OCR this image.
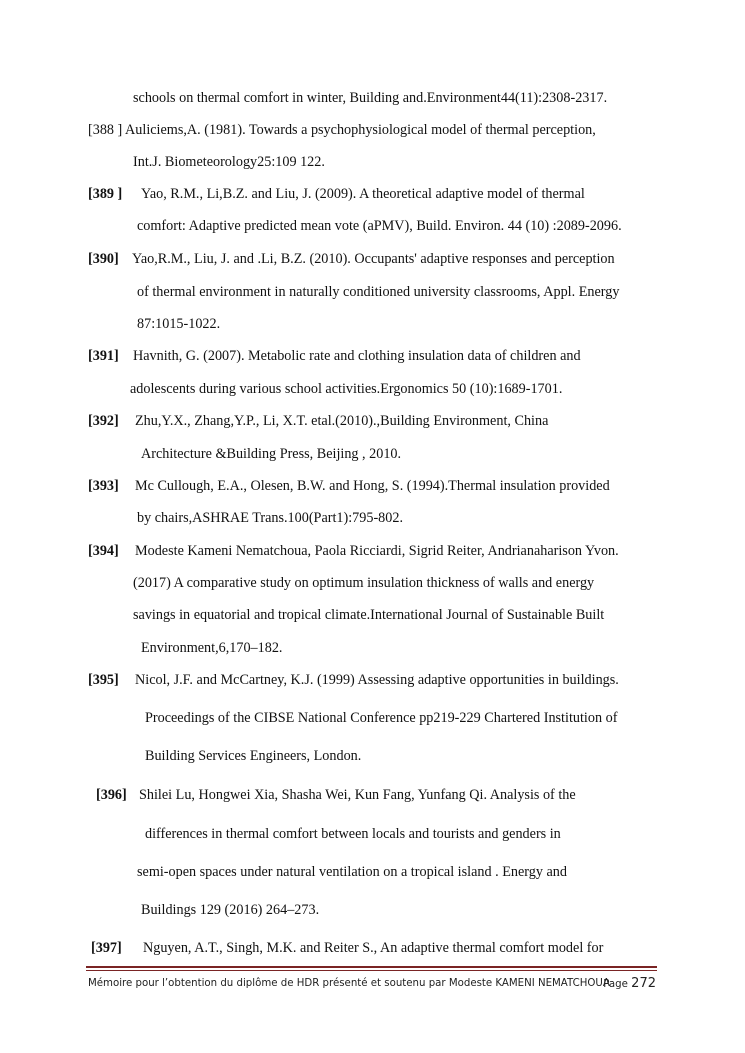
schools on thermal comfort in winter, Building and.Environment44(11):2308-2317.
[388 ] Auliciems,A. (1981). Towards a psychophysiological model of thermal perception,
Int.J. Biometeorology25:109 122.
[389 ] Yao, R.M., Li,B.Z. and Liu, J. (2009). A theoretical adaptive model of thermal
comfort: Adaptive predicted mean vote (aPMV), Build. Environ. 44 (10) :2089-2096.
[390] Yao,R.M., Liu, J. and .Li, B.Z. (2010). Occupants' adaptive responses and perception
of thermal environment in naturally conditioned university classrooms, Appl. Energy
87:1015-1022.
[391] Havnith, G. (2007). Metabolic rate and clothing insulation data of children and
adolescents during various school activities.Ergonomics 50 (10):1689-1701.
[392] Zhu,Y.X., Zhang,Y.P., Li, X.T. etal.(2010).,Building Environment, China
Architecture &Building Press, Beijing , 2010.
[393] Mc Cullough, E.A., Olesen, B.W. and Hong, S. (1994).Thermal insulation provided
by chairs,ASHRAE Trans.100(Part1):795-802.
[394] Modeste Kameni Nematchoua, Paola Ricciardi, Sigrid Reiter, Andrianaharison Yvon.
(2017) A comparative study on optimum insulation thickness of walls and energy
savings in equatorial and tropical climate.International Journal of Sustainable Built
Environment,6,170–182.
[395] Nicol, J.F. and McCartney, K.J. (1999) Assessing adaptive opportunities in buildings.
Proceedings of the CIBSE National Conference pp219-229 Chartered Institution of
Building Services Engineers, London.
[396] Shilei Lu, Hongwei Xia, Shasha Wei, Kun Fang, Yunfang Qi. Analysis of the
differences in thermal comfort between locals and tourists and genders in
semi-open spaces under natural ventilation on a tropical island . Energy and
Buildings 129 (2016) 264–273.
[397] Nguyen, A.T., Singh, M.K. and Reiter S., An adaptive thermal comfort model for
Mémoire pour l’obtention du diplôme de HDR présenté et soutenu par Modeste KAMENI NEMATCHOUA
Page 272
